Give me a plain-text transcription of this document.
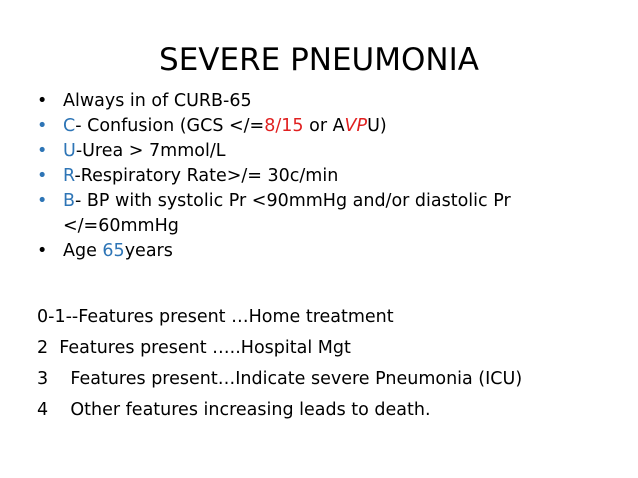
SEVERE PNEUMONIA
• Always in of CURB-65
• C- Confusion (GCS </=8/15 or AVPU)
• U-Urea > 7mmol/L
• R-Respiratory Rate>/= 30c/min
• B- BP with systolic Pr <90mmHg and/or diastolic Pr </=60mmHg
• Age 65years
0-1--Features present …Home treatment
2  Features present …..Hospital Mgt
3    Features present…Indicate severe Pneumonia (ICU)
4    Other features increasing leads to death.
